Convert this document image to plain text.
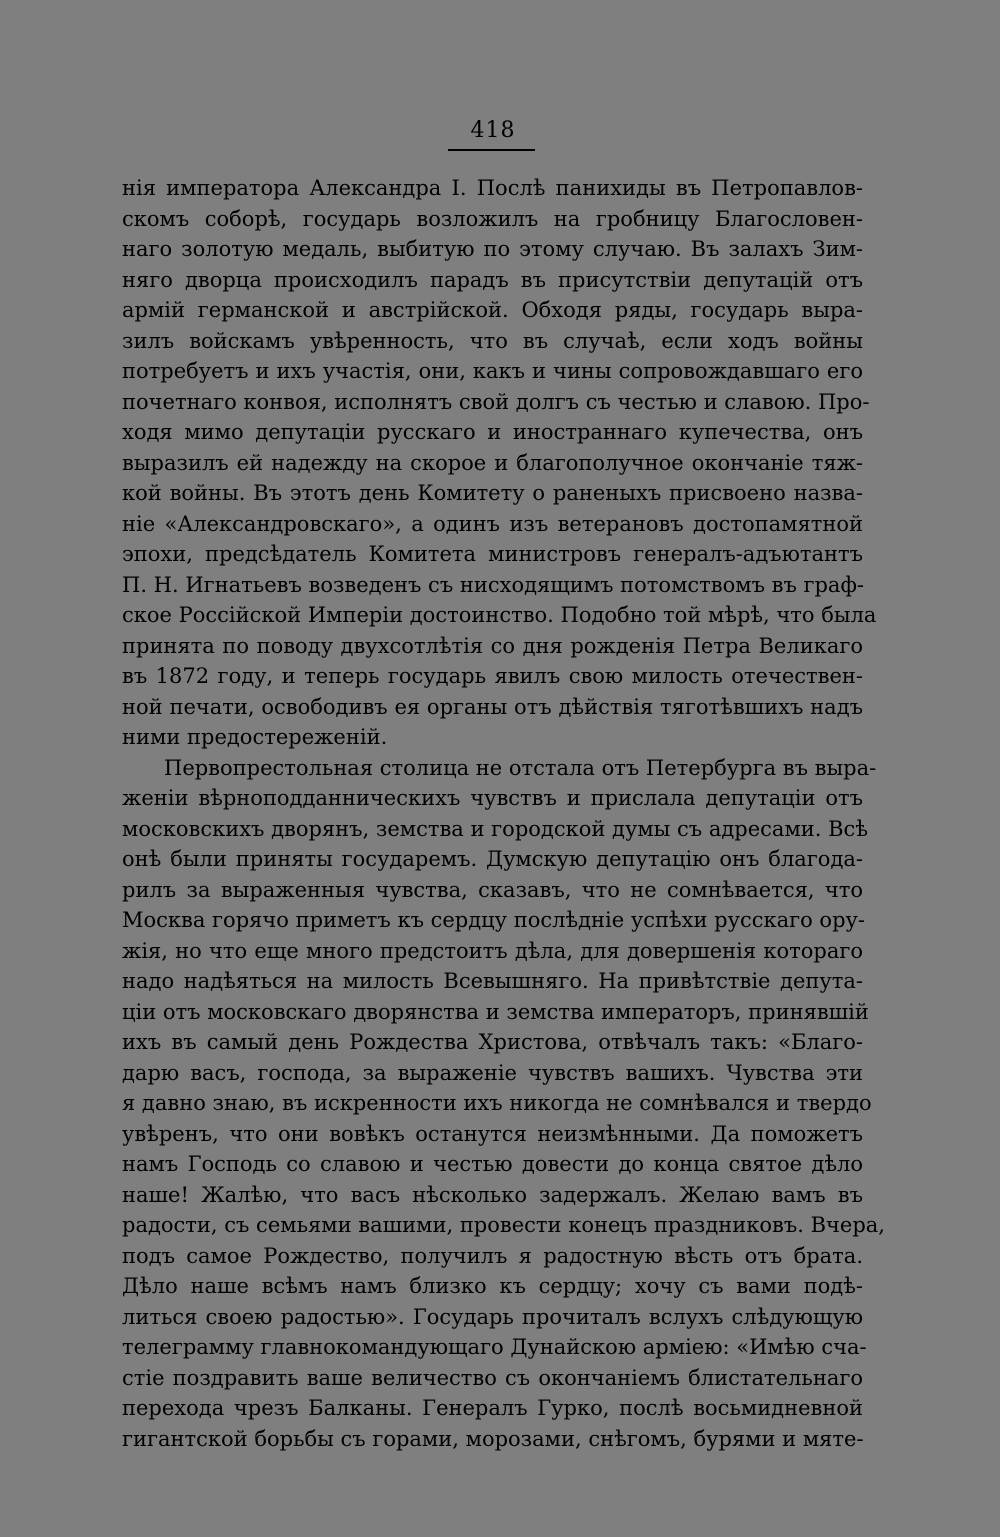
418
нія императора Александра I. Послѣ панихиды въ Петропавлов-
скомъ соборѣ, государь возложилъ на гробницу Благословен-
наго золотую медаль, выбитую по этому случаю. Въ залахъ Зим-
няго дворца происходилъ парадъ въ присутствіи депутацій отъ
армій германской и австрійской. Обходя ряды, государь выра-
зилъ войскамъ увѣренность, что въ случаѣ, если ходъ войны
потребуетъ и ихъ участія, они, какъ и чины сопровождавшаго его
почетнаго конвоя, исполнятъ свой долгъ съ честью и славою. Про-
ходя мимо депутаціи русскаго и иностраннаго купечества, онъ
выразилъ ей надежду на скорое и благополучное окончаніе тяж-
кой войны. Въ этотъ день Комитету о раненыхъ присвоено назва-
ніе «Александровскаго», а одинъ изъ ветерановъ достопамятной
эпохи, предсѣдатель Комитета министровъ генералъ-адъютантъ
П. Н. Игнатьевъ возведенъ съ нисходящимъ потомствомъ въ граф-
ское Россійской Имперіи достоинство. Подобно той мѣрѣ, что была
принята по поводу двухсотлѣтія со дня рожденія Петра Великаго
въ 1872 году, и теперь государь явилъ свою милость отечествен-
ной печати, освободивъ ея органы отъ дѣйствія тяготѣвшихъ надъ
ними предостереженій.
Первопрестольная столица не отстала отъ Петербурга въ выра-
женіи вѣрноподданническихъ чувствъ и прислала депутаціи отъ
московскихъ дворянъ, земства и городской думы съ адресами. Всѣ
онѣ были приняты государемъ. Думскую депутацію онъ благода-
рилъ за выраженныя чувства, сказавъ, что не сомнѣвается, что
Москва горячо приметъ къ сердцу послѣдніе успѣхи русскаго ору-
жія, но что еще много предстоитъ дѣла, для довершенія котораго
надо надѣяться на милость Всевышняго. На привѣтствіе депута-
ціи отъ московскаго дворянства и земства императоръ, принявшій
ихъ въ самый день Рождества Христова, отвѣчалъ такъ: «Благо-
дарю васъ, господа, за выраженіе чувствъ вашихъ. Чувства эти
я давно знаю, въ искренности ихъ никогда не сомнѣвался и твердо
увѣренъ, что они вовѣкъ останутся неизмѣнными. Да поможетъ
намъ Господь со славою и честью довести до конца святое дѣло
наше! Жалѣю, что васъ нѣсколько задержалъ. Желаю вамъ въ
радости, съ семьями вашими, провести конецъ праздниковъ. Вчера,
подъ самое Рождество, получилъ я радостную вѣсть отъ брата.
Дѣло наше всѣмъ намъ близко къ сердцу; хочу съ вами подѣ-
литься своею радостью». Государь прочиталъ вслухъ слѣдующую
телеграмму главнокомандующаго Дунайскою арміею: «Имѣю сча-
стіе поздравить ваше величество съ окончаніемъ блистательнаго
перехода чрезъ Балканы. Генералъ Гурко, послѣ восьмидневной
гигантской борьбы съ горами, морозами, снѣгомъ, бурями и мяте-
